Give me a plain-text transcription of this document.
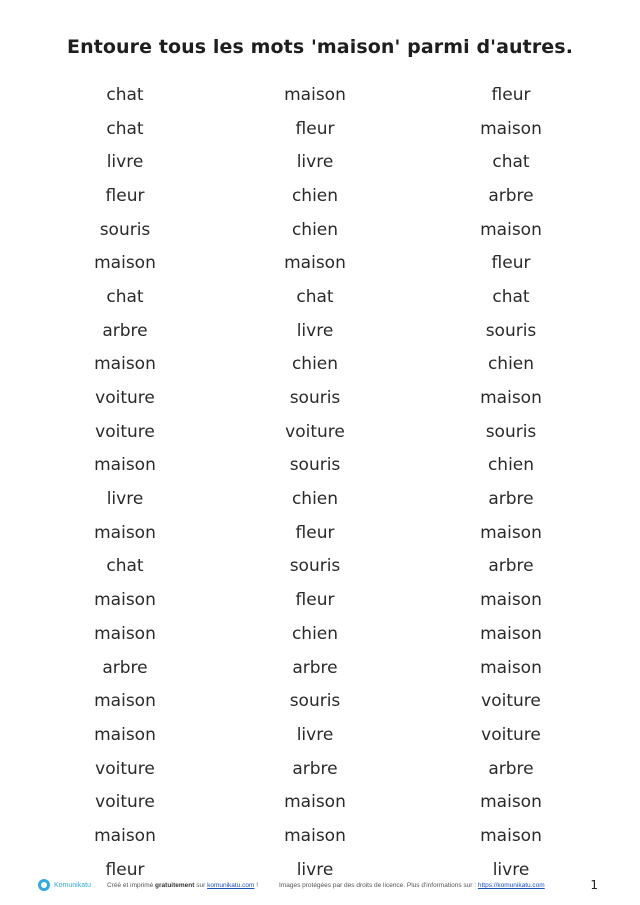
Entoure tous les mots 'maison' parmi d'autres.
chat	maison	fleur
chat	fleur	maison
livre	livre	chat
fleur	chien	arbre
souris	chien	maison
maison	maison	fleur
chat	chat	chat
arbre	livre	souris
maison	chien	chien
voiture	souris	maison
voiture	voiture	souris
maison	souris	chien
livre	chien	arbre
maison	fleur	maison
chat	souris	arbre
maison	fleur	maison
maison	chien	maison
arbre	arbre	maison
maison	souris	voiture
maison	livre	voiture
voiture	arbre	arbre
voiture	maison	maison
maison	maison	maison
fleur	livre	livre
Komunikatu Créé et imprimé gratuitement sur komunikatu.com !	Images protégées par des droits de licence. Plus d'informations sur : https://komunikatu.com	1
